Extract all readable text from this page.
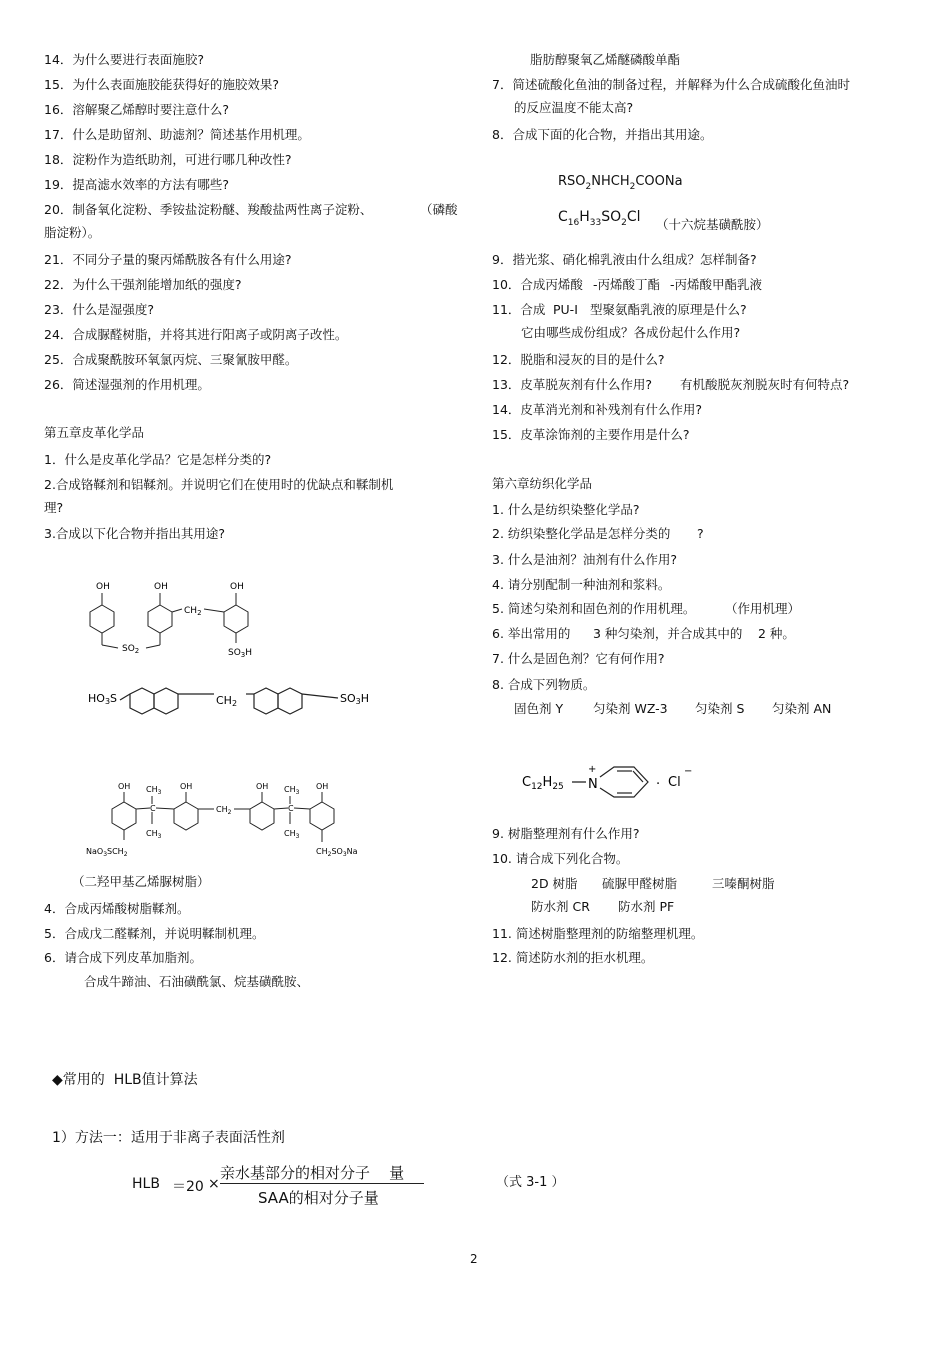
14．为什么要进行表面施胶?
15．为什么表面施胶能获得好的施胶效果?
16．溶解聚乙烯醇时要注意什么?
17．什么是助留剂、助滤剂？简述基作用机理。
18．淀粉作为造纸助剂，可进行哪几种改性?
19．提高滤水效率的方法有哪些?
20．制备氧化淀粉、季铵盐淀粉醚、羧酸盐两性离子淀粉、	（磷酸
脂淀粉）。
21．不同分子量的聚丙烯酰胺各有什么用途?
22．为什么干强剂能增加纸的强度?
23．什么是湿强度?
24．合成脲醛树脂，并将其进行阳离子或阴离子改性。
25．合成聚酰胺环氧氯丙烷、三聚氰胺甲醛。
26．简述湿强剂的作用机理。
第五章皮革化学品
1．什么是皮革化学品？它是怎样分类的?
2.合成铬鞣剂和铝鞣剂。并说明它们在使用时的优缺点和鞣制机
理?
3.合成以下化合物并指出其用途?
OH	OH	OH
$CH_2$
$SO_2$	$SO_3H$
HO3S	CH2	SO3H
OH	OH	OH	OH
$CH_3$	$CH_3$
C	C
$CH_3$	$CH_3$
$CH_2$
$NaO_3SCH_2$	$CH_2SO_3Na$
（二羟甲基乙烯脲树脂）
4．合成丙烯酸树脂鞣剂。
5．合成戊二醛鞣剂，并说明鞣制机理。
6．请合成下列皮革加脂剂。
合成牛蹄油、石油磺酰氯、烷基磺酰胺、
脂肪醇聚氧乙烯醚磷酸单酯
7．简述硫酸化鱼油的制备过程，并解释为什么合成硫酸化鱼油时
的反应温度不能太高?
8．合成下面的化合物，并指出其用途。
$RSO_2NHCH_2COONa$
$C_{16}H_{33}SO_2Cl$ （十六烷基磺酰胺）
9．揩光浆、硝化棉乳液由什么组成？怎样制备?
10．合成丙烯酸 -丙烯酸丁酯 -丙烯酸甲酯乳液
11．合成 PU-I 型聚氨酯乳液的原理是什么?
它由哪些成份组成？各成份起什么作用?
12．脱脂和浸灰的目的是什么?
13．皮革脱灰剂有什么作用? 有机酸脱灰剂脱灰时有何特点?
14．皮革消光剂和补残剂有什么作用?
15．皮革涂饰剂的主要作用是什么?
第六章纺织化学品
1. 什么是纺织染整化学品?
2. 纺织染整化学品是怎样分类的 ?
3. 什么是油剂？油剂有什么作用?
4. 请分别配制一种油剂和浆料。
5. 简述匀染剂和固色剂的作用机理。 （作用机理）
6. 举出常用的 3 种匀染剂，并合成其中的 2 种。
7. 什么是固色剂？它有何作用?
8. 合成下列物质。
固色剂 Y 匀染剂 WZ-3 匀染剂 S 匀染剂 AN
$C_{12}H_{25}$ N
+
· Cl
−
9. 树脂整理剂有什么作用?
10. 请合成下列化合物。
2D 树脂 硫脲甲醛树脂	三嗪酮树脂
防水剂 CR 防水剂 PF
11. 简述树脂整理剂的防缩整理机理。
12. 简述防水剂的拒水机理。
◆常用的 HLB值计算法
1）方法一：适用于非离子表面活性剂
HLB ＝20 ×
亲水基部分的相对分子 量
SAA的相对分子量
（式 3-1 ）
2
